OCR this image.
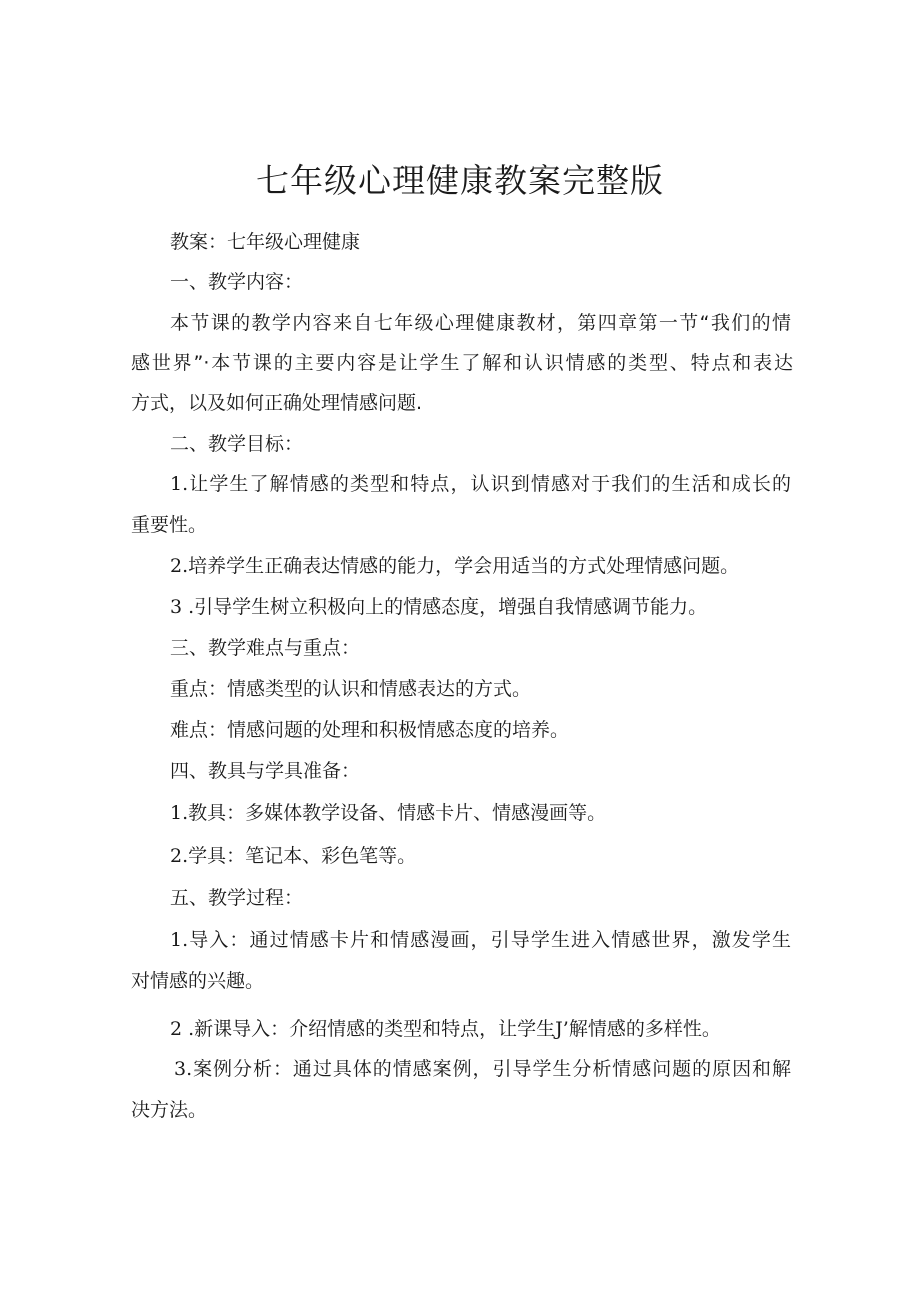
七年级心理健康教案完整版
教案：七年级心理健康
一、教学内容：
本节课的教学内容来自七年级心理健康教材，第四章第一节“我们的情
感世界”·本节课的主要内容是让学生了解和认识情感的类型、特点和表达
方式，以及如何正确处理情感问题.
二、教学目标：
1.让学生了解情感的类型和特点，认识到情感对于我们的生活和成长的
重要性。
2.培养学生正确表达情感的能力，学会用适当的方式处理情感问题。
3 .引导学生树立积极向上的情感态度，增强自我情感调节能力。
三、教学难点与重点：
重点：情感类型的认识和情感表达的方式。
难点：情感问题的处理和积极情感态度的培养。
四、教具与学具准备：
1.教具：多媒体教学设备、情感卡片、情感漫画等。
2.学具：笔记本、彩色笔等。
五、教学过程：
1.导入：通过情感卡片和情感漫画，引导学生进入情感世界，激发学生
对情感的兴趣。
2 .新课导入：介绍情感的类型和特点，让学生J’解情感的多样性。
3.案例分析：通过具体的情感案例，引导学生分析情感问题的原因和解
决方法。
